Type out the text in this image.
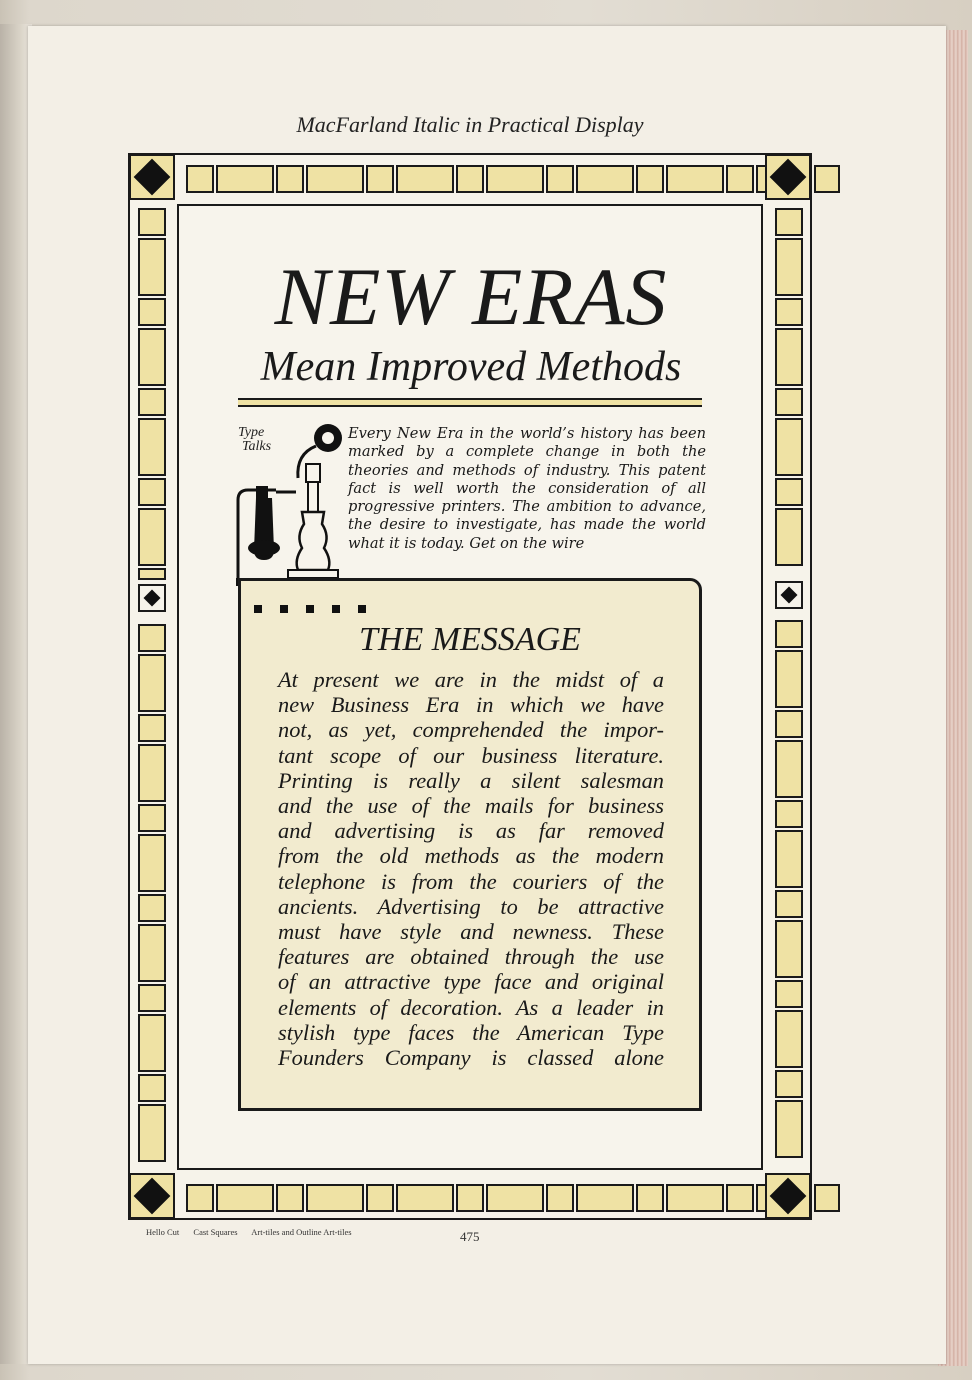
MacFarland Italic in Practical Display
NEW ERAS
Mean Improved Methods
Type
Talks

Every New Era in the world’s history has been marked by a complete change in both the theories and methods of industry. This patent fact is well worth the consideration of all progressive printers. The ambition to advance, the desire to investigate, has made the world what it is today. Get on the wire

THE MESSAGE

At present we are in the midst of a
new Business Era in which we have
not, as yet, comprehended the impor-
tant scope of our business literature.
Printing is really a silent salesman
and the use of the mails for business
and advertising is as far removed
from the old methods as the modern
telephone is from the couriers of the
ancients. Advertising to be attractive
must have style and newness. These
features are obtained through the use
of an attractive type face and original
elements of decoration. As a leader in
stylish type faces the American Type
Founders Company is classed alone

Hello Cut Cast Squares Art-tiles and Outline Art-tiles	475
